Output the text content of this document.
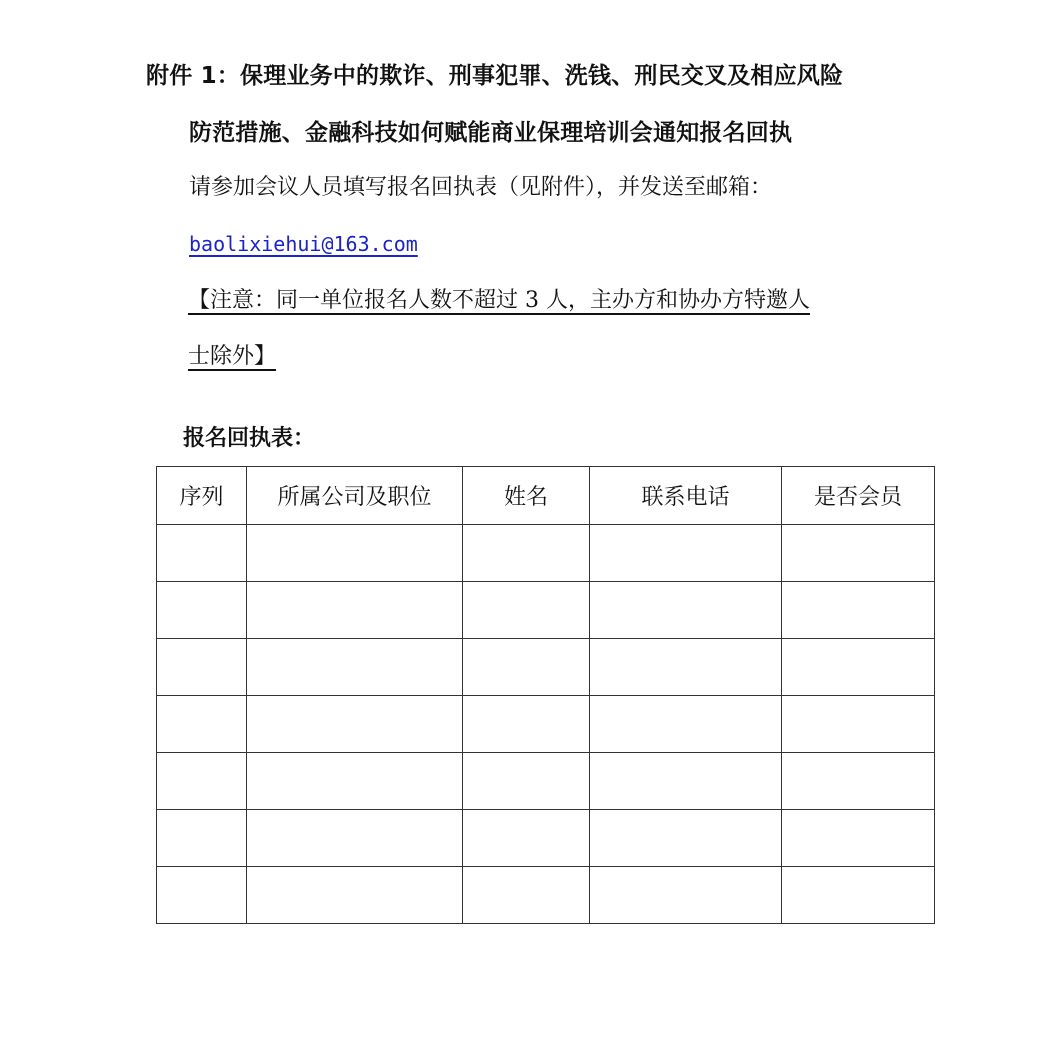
附件 1：保理业务中的欺诈、刑事犯罪、洗钱、刑民交叉及相应风险
防范措施、金融科技如何赋能商业保理培训会通知报名回执
请参加会议人员填写报名回执表（见附件），并发送至邮箱：
baolixiehui@163.com
【注意：同一单位报名人数不超过 3 人，主办方和协办方特邀人
士除外】
报名回执表：
序列	所属公司及职位	姓名	联系电话	是否会员
